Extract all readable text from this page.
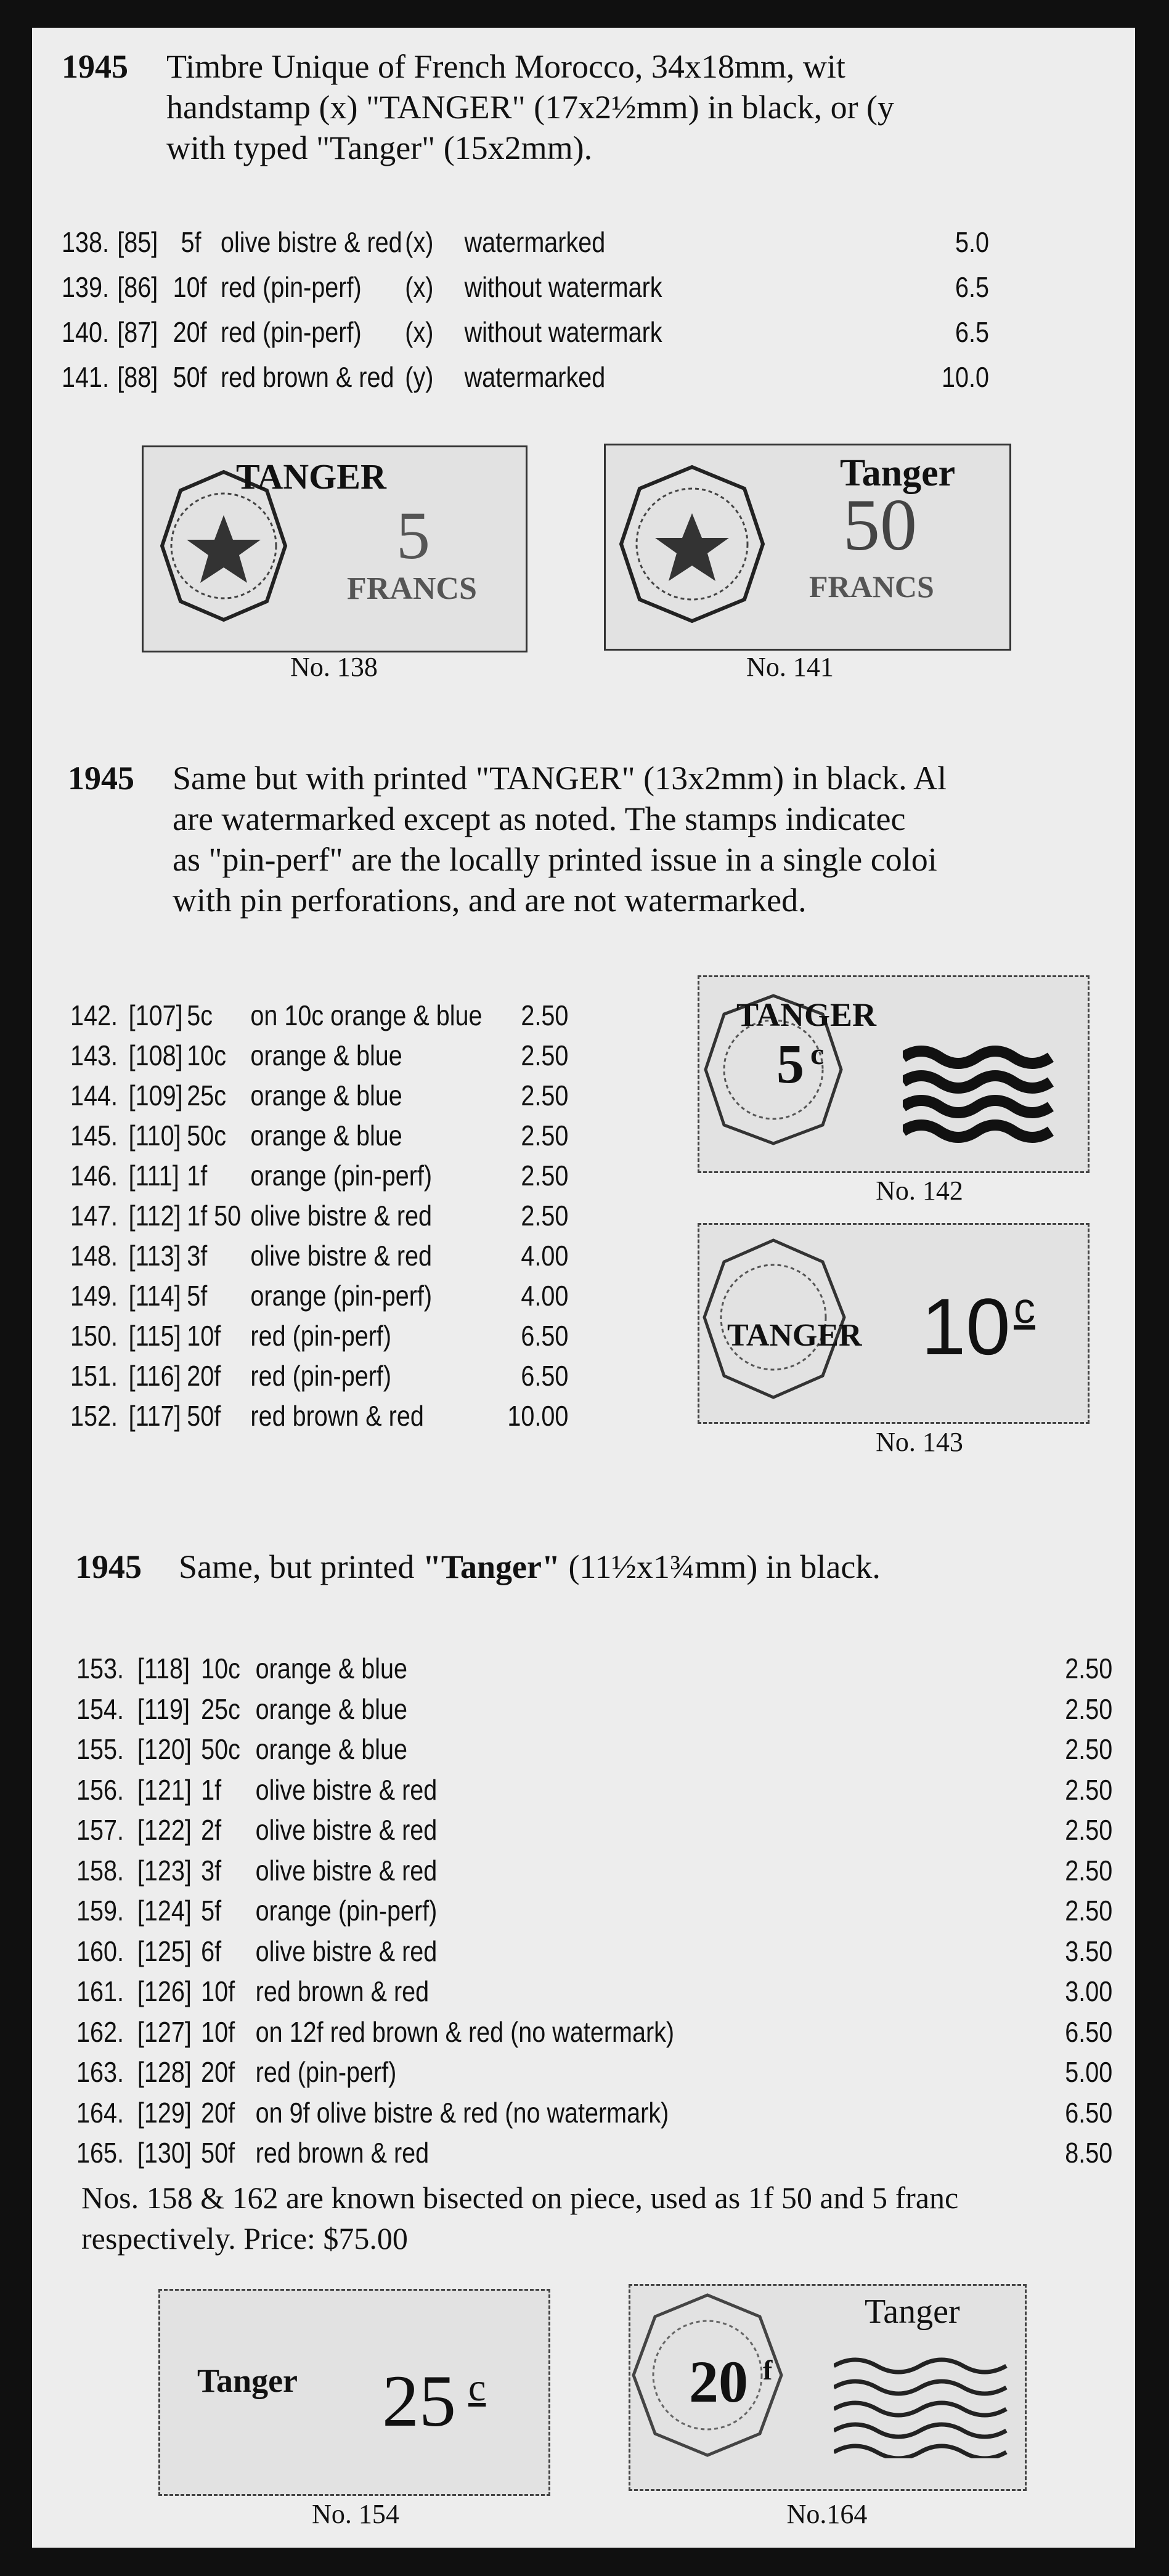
1945 Timbre Unique of French Morocco, 34x18mm, wit
handstamp (x) "TANGER" (17x2½mm) in black, or (y
with typed "Tanger" (15x2mm).
138. [85] 5f olive bistre & red (x) watermarked	5.0
139. [86] 10f red (pin-perf) (x) without watermark	6.5
140. [87] 20f red (pin-perf) (x) without watermark	6.5
141. [88] 50f red brown & red (y) watermarked	10.0
TANGER
5
FRANCS
No. 138
Tanger
50
FRANCS
No. 141
1945 Same but with printed "TANGER" (13x2mm) in black. Al
are watermarked except as noted. The stamps indicatec
as "pin-perf" are the locally printed issue in a single coloi
with pin perforations, and are not watermarked.
142. [107] 5c on 10c orange & blue	2.50
143. [108] 10c orange & blue	2.50
144. [109] 25c orange & blue	2.50
145. [110] 50c orange & blue	2.50
146. [111] 1f orange (pin-perf)	2.50
147. [112] 1f 50 olive bistre & red	2.50
148. [113] 3f olive bistre & red	4.00
149. [114] 5f orange (pin-perf)	4.00
150. [115] 10f red (pin-perf)	6.50
151. [116] 20f red (pin-perf)	6.50
152. [117] 50f red brown & red	10.00
TANGER
5 c
No. 142
TANGER 10 c
No. 143
1945 Same, but printed "Tanger" (11½x1¾mm) in black.
153. [118] 10c orange & blue	2.50
154. [119] 25c orange & blue	2.50
155. [120] 50c orange & blue	2.50
156. [121] 1f olive bistre & red	2.50
157. [122] 2f olive bistre & red	2.50
158. [123] 3f olive bistre & red	2.50
159. [124] 5f orange (pin-perf)	2.50
160. [125] 6f olive bistre & red	3.50
161. [126] 10f red brown & red	3.00
162. [127] 10f on 12f red brown & red (no watermark)	6.50
163. [128] 20f red (pin-perf)	5.00
164. [129] 20f on 9f olive bistre & red (no watermark)	6.50
165. [130] 50f red brown & red	8.50
Nos. 158 & 162 are known bisected on piece, used as 1f 50 and 5 franc
respectively. Price: $75.00
Tanger 25 c
No. 154
Tanger
20 f
No.164
